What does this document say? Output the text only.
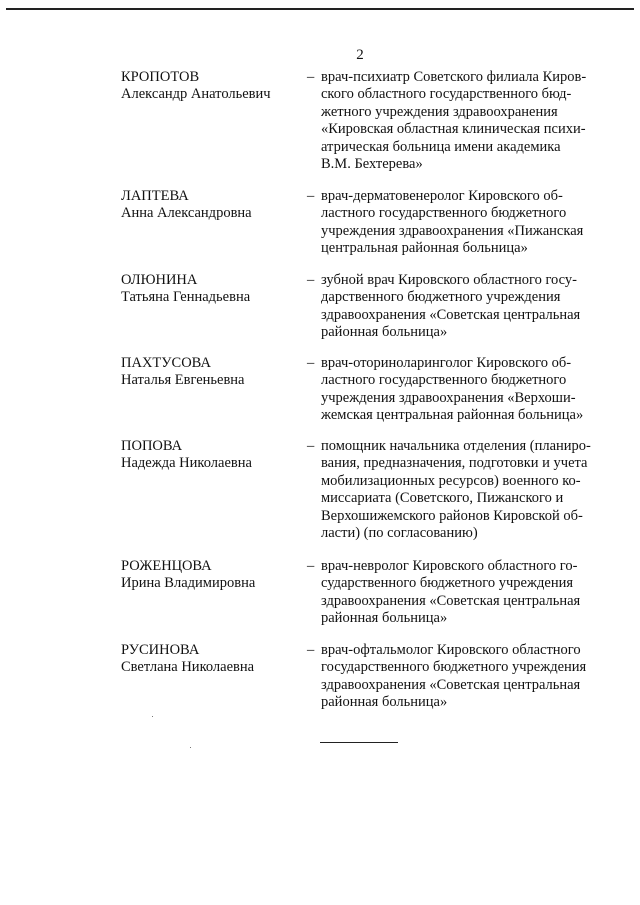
2
КРОПОТОВ
Александр Анатольевич
– врач-психиатр Советского филиала Киров-
ского областного государственного бюд-
жетного учреждения здравоохранения
«Кировская областная клиническая психи-
атрическая больница имени академика
В.М. Бехтерева»
ЛАПТЕВА
Анна Александровна
– врач-дерматовенеролог Кировского об-
ластного государственного бюджетного
учреждения здравоохранения «Пижанская
центральная районная больница»
ОЛЮНИНА
Татьяна Геннадьевна
– зубной врач Кировского областного госу-
дарственного бюджетного учреждения
здравоохранения «Советская центральная
районная больница»
ПАХТУСОВА
Наталья Евгеньевна
– врач-оториноларинголог Кировского об-
ластного государственного бюджетного
учреждения здравоохранения «Верхоши-
жемская центральная районная больница»
ПОПОВА
Надежда Николаевна
– помощник начальника отделения (планиро-
вания, предназначения, подготовки и учета
мобилизационных ресурсов) военного ко-
миссариата (Советского, Пижанского и
Верхошижемского районов Кировской об-
ласти) (по согласованию)
РОЖЕНЦОВА
Ирина Владимировна
– врач-невролог Кировского областного го-
сударственного бюджетного учреждения
здравоохранения «Советская центральная
районная больница»
РУСИНОВА
Светлана Николаевна
– врач-офтальмолог Кировского областного
государственного бюджетного учреждения
здравоохранения «Советская центральная
районная больница»
